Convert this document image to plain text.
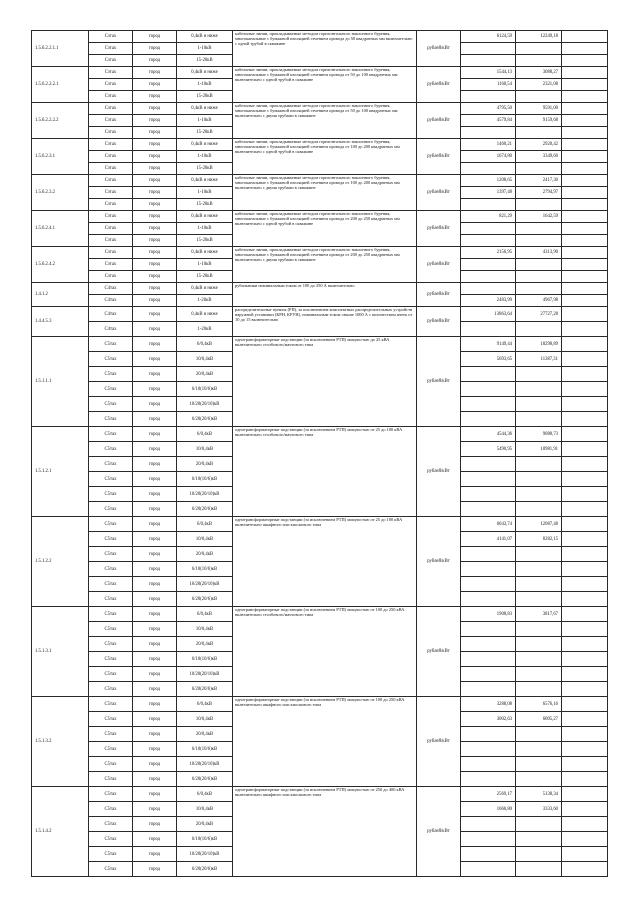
1.5.6.2.2.1.1	Сзтах	город	0,4кВ и ниже	кабельные линии, прокладываемые методом горизонтального наклонного бурения, многоканальные с бумажной изоляцией сечением провода до 50 квадратных мм включительно с одной трубой в скважине	рублей/кВт	6124,59	12249,18	
	Сзтах	город	1-10кВ					
	Сзтах	город	15-20кВ					
1.5.6.2.2.2.1	Сзтах	город	0,4кВ и ниже	кабельные линии, прокладываемые методом горизонтального наклонного бурения, многоканальные с бумажной изоляцией сечением провода от 50 до 100 квадратных мм включительно с одной трубой в скважине	рублей/кВт	1544,13	3088,27	
	Сзтах	город	1-10кВ			1160,54	2321,08	
	Сзтах	город	15-20кВ					
1.5.6.2.2.2.2	Сзтах	город	0,4кВ и ниже	кабельные линии, прокладываемые методом горизонтального наклонного бурения, многоканальные с бумажной изоляцией сечением провода от 50 до 100 квадратных мм включительно с двумя трубами в скважине	рублей/кВт	4795,50	9591,00	
	Сзтах	город	1-10кВ			4579,84	9159,68	
	Сзтах	город	15-20кВ					
1.5.6.2.3.1	Сзтах	город	0,4кВ и ниже	кабельные линии, прокладываемые методом горизонтального наклонного бурения, многоканальные с бумажной изоляцией сечением провода от 100 до 200 квадратных мм включительно с одной трубой в скважине	рублей/кВт	1460,21	2920,42	
	Сзтах	город	1-10кВ			1674,80	3349,60	
	Сзтах	город	15-20кВ					
1.5.6.2.3.2	Сзтах	город	0,4кВ и ниже	кабельные линии, прокладываемые методом горизонтального наклонного бурения, многоканальные с бумажной изоляцией сечением провода от 100 до 200 квадратных мм включительно с двумя трубами в скважине	рублей/кВт	1208,65	2417,30	
	Сзтах	город	1-10кВ			1397,48	2794,97	
	Сзтах	город	15-20кВ					
1.5.6.2.4.1	Сзтах	город	0,4кВ и ниже	кабельные линии, прокладываемые методом горизонтального наклонного бурения, многоканальные с бумажной изоляцией сечением провода от 200 до 250 квадратных мм включительно с одной трубой в скважине	рублей/кВт	821,29	1642,59	
	Сзтах	город	1-10кВ					
	Сзтах	город	15-20кВ					
1.5.6.2.4.2	Сзтах	город	0,4кВ и ниже	кабельные линии, прокладываемые методом горизонтального наклонного бурения, многоканальные с бумажной изоляцией сечением провода от 200 до 250 квадратных мм включительно с двумя трубами в скважине	рублей/кВт	2156,95	4313,90	
	Сзтах	город	1-10кВ					
	Сзтах	город	15-20кВ					
1.4.1.2	С4тах	город	0,4кВ и ниже	рубильники номинальным током от 100 до 250 А включительно	рублей/кВт			
	С4тах	город	1-20кВ			2483,99	4967,98	
1.4.4.5.3	С4тах	город	0,4кВ и ниже	распределительные пункты (РП), за исключением комплектных распределительных устройств наружной установки (КРН, КРУН), номинальным током свыше 1000 А с количеством ячеек от 10 до 15 включительно	рублей/кВт	13863,64	27727,28	
	С4тах	город	1-20кВ					
1.5.1.1.1	С5тах	город	6/0,4кВ	однотрансформаторные подстанции (за исключением РТП) мощностью до 25 кВА включительно столбового/мачтового типа	рублей/кВт	9149,44	18298,89	
	С5тах	город	10/0,4кВ			5693,65	11387,31	
	С5тах	город	20/0,4кВ					
	С5тах	город	6/10(10/6)кВ					
	С5тах	город	10/20(20/10)кВ					
	С5тах	город	6/20(20/6)кВ					
1.5.1.2.1	С5тах	город	6/0,4кВ	однотрансформаторные подстанции (за исключением РТП) мощностью от 25 до 100 кВА включительно столбового/мачтового типа	рублей/кВт	4544,36	9088,73	
	С5тах	город	10/0,4кВ			5490,95	10981,91	
	С5тах	город	20/0,4кВ					
	С5тах	город	6/10(10/6)кВ					
	С5тах	город	10/20(20/10)кВ					
	С5тах	город	6/20(20/6)кВ					
1.5.1.2.2	С5тах	город	6/0,4кВ	однотрансформаторные подстанции (за исключением РТП) мощностью от 25 до 100 кВА включительно шкафного или киоскового типа	рублей/кВт	6043,74	12087,48	
	С5тах	город	10/0,4кВ			4141,07	8282,15	
	С5тах	город	20/0,4кВ					
	С5тах	город	6/10(10/6)кВ					
	С5тах	город	10/20(20/10)кВ					
	С5тах	город	6/20(20/6)кВ					
1.5.1.3.1	С5тах	город	6/0,4кВ	однотрансформаторные подстанции (за исключением РТП) мощностью от 100 до 250 кВА включительно столбового/мачтового типа	рублей/кВт	1908,83	3817,67	
	С5тах	город	10/0,4кВ					
	С5тах	город	20/0,4кВ					
	С5тах	город	6/10(10/6)кВ					
	С5тах	город	10/20(20/10)кВ					
	С5тах	город	6/20(20/6)кВ					
1.5.1.3.2	С5тах	город	6/0,4кВ	однотрансформаторные подстанции (за исключением РТП) мощностью от 100 до 250 кВА включительно шкафного или киоскового типа	рублей/кВт	3288,08	6576,16	
	С5тах	город	10/0,4кВ			3002,63	6005,27	
	С5тах	город	20/0,4кВ					
	С5тах	город	6/10(10/6)кВ					
	С5тах	город	10/20(20/10)кВ					
	С5тах	город	6/20(20/6)кВ					
1.5.1.4.2	С5тах	город	6/0,4кВ	однотрансформаторные подстанции (за исключением РТП) мощностью от 250 до 400 кВА включительно шкафного или киоскового типа	рублей/кВт	2569,17	5138,34	
	С5тах	город	10/0,4кВ			1666,80	3333,60	
	С5тах	город	20/0,4кВ					
	С5тах	город	6/10(10/6)кВ					
	С5тах	город	10/20(20/10)кВ					
	С5тах	город	6/20(20/6)кВ					
